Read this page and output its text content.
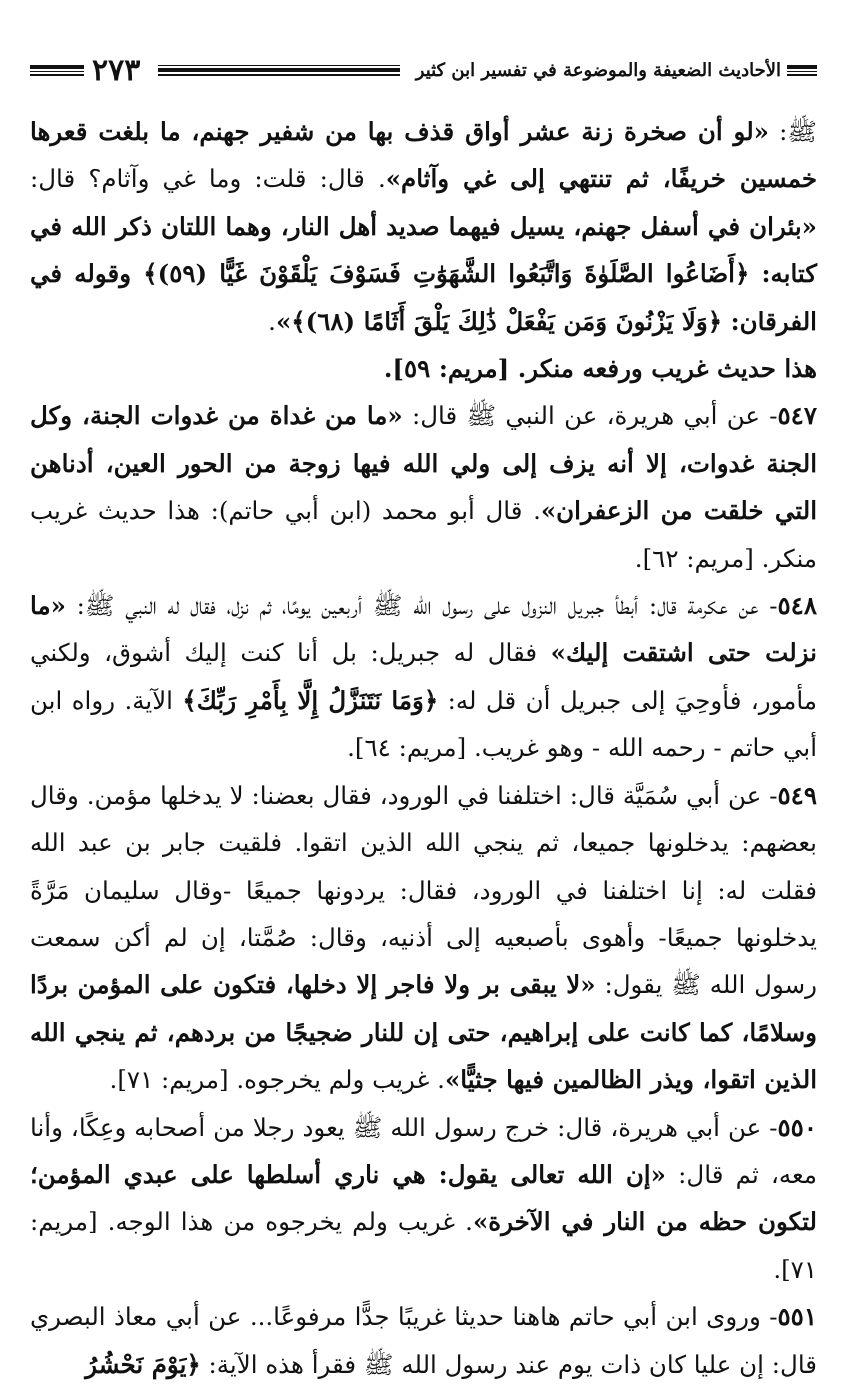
٢٧٣	الأحاديث الضعيفة والموضوعة في تفسير ابن كثير
ﷺ: «لو أن صخرة زنة عشر أواق قذف بها من شفير جهنم، ما بلغت قعرها خمسين خريفًا، ثم تنتهي إلى غي وآثام». قال: قلت: وما غي وآثام؟ قال: «بئران في أسفل جهنم، يسيل فيهما صديد أهل النار، وهما اللتان ذكر الله في كتابه: ﴿أَضَاعُوا الصَّلَوٰةَ وَاتَّبَعُوا الشَّهَوَٰتِ فَسَوْفَ يَلْقَوْنَ غَيًّا (٥٩)﴾ وقوله في الفرقان: ﴿وَلَا يَزْنُونَ وَمَن يَفْعَلْ ذَٰلِكَ يَلْقَ أَثَامًا (٦٨)﴾».
هذا حديث غريب ورفعه منكر. [مريم: ٥٩].
٥٤٧- عن أبي هريرة، عن النبي ﷺ قال: «ما من غداة من غدوات الجنة، وكل الجنة غدوات، إلا أنه يزف إلى ولي الله فيها زوجة من الحور العين، أدناهن التي خلقت من الزعفران». قال أبو محمد (ابن أبي حاتم): هذا حديث غريب منكر. [مريم: ٦٢].
٥٤٨- عن عكرمة قال: أبطأ جبريل النزول على رسول الله ﷺ أربعين يومًا، ثم نزل، فقال له النبي ﷺ: «ما نزلت حتى اشتقت إليك» فقال له جبريل: بل أنا كنت إليك أشوق، ولكني مأمور، فأوحِيَ إلى جبريل أن قل له: ﴿وَمَا نَتَنَزَّلُ إِلَّا بِأَمْرِ رَبِّكَ﴾ الآية. رواه ابن أبي حاتم - رحمه الله - وهو غريب. [مريم: ٦٤].
٥٤٩- عن أبي سُمَيَّة قال: اختلفنا في الورود، فقال بعضنا: لا يدخلها مؤمن. وقال بعضهم: يدخلونها جميعا، ثم ينجي الله الذين اتقوا. فلقيت جابر بن عبد الله فقلت له: إنا اختلفنا في الورود، فقال: يردونها جميعًا -وقال سليمان مَرَّةً يدخلونها جميعًا- وأهوى بأصبعيه إلى أذنيه، وقال: صُمَّتا، إن لم أكن سمعت رسول الله ﷺ يقول: «لا يبقى بر ولا فاجر إلا دخلها، فتكون على المؤمن بردًا وسلامًا، كما كانت على إبراهيم، حتى إن للنار ضجيجًا من بردهم، ثم ينجي الله الذين اتقوا، ويذر الظالمين فيها جثيًّا». غريب ولم يخرجوه. [مريم: ٧١].
٥٥٠- عن أبي هريرة، قال: خرج رسول الله ﷺ يعود رجلا من أصحابه وعِكًا، وأنا معه، ثم قال: «إن الله تعالى يقول: هي ناري أسلطها على عبدي المؤمن؛ لتكون حظه من النار في الآخرة». غريب ولم يخرجوه من هذا الوجه. [مريم: ٧١].
٥٥١- وروى ابن أبي حاتم هاهنا حديثا غريبًا جدًّا مرفوعًا... عن أبي معاذ البصري قال: إن عليا كان ذات يوم عند رسول الله ﷺ فقرأ هذه الآية: ﴿يَوْمَ نَحْشُرُ
